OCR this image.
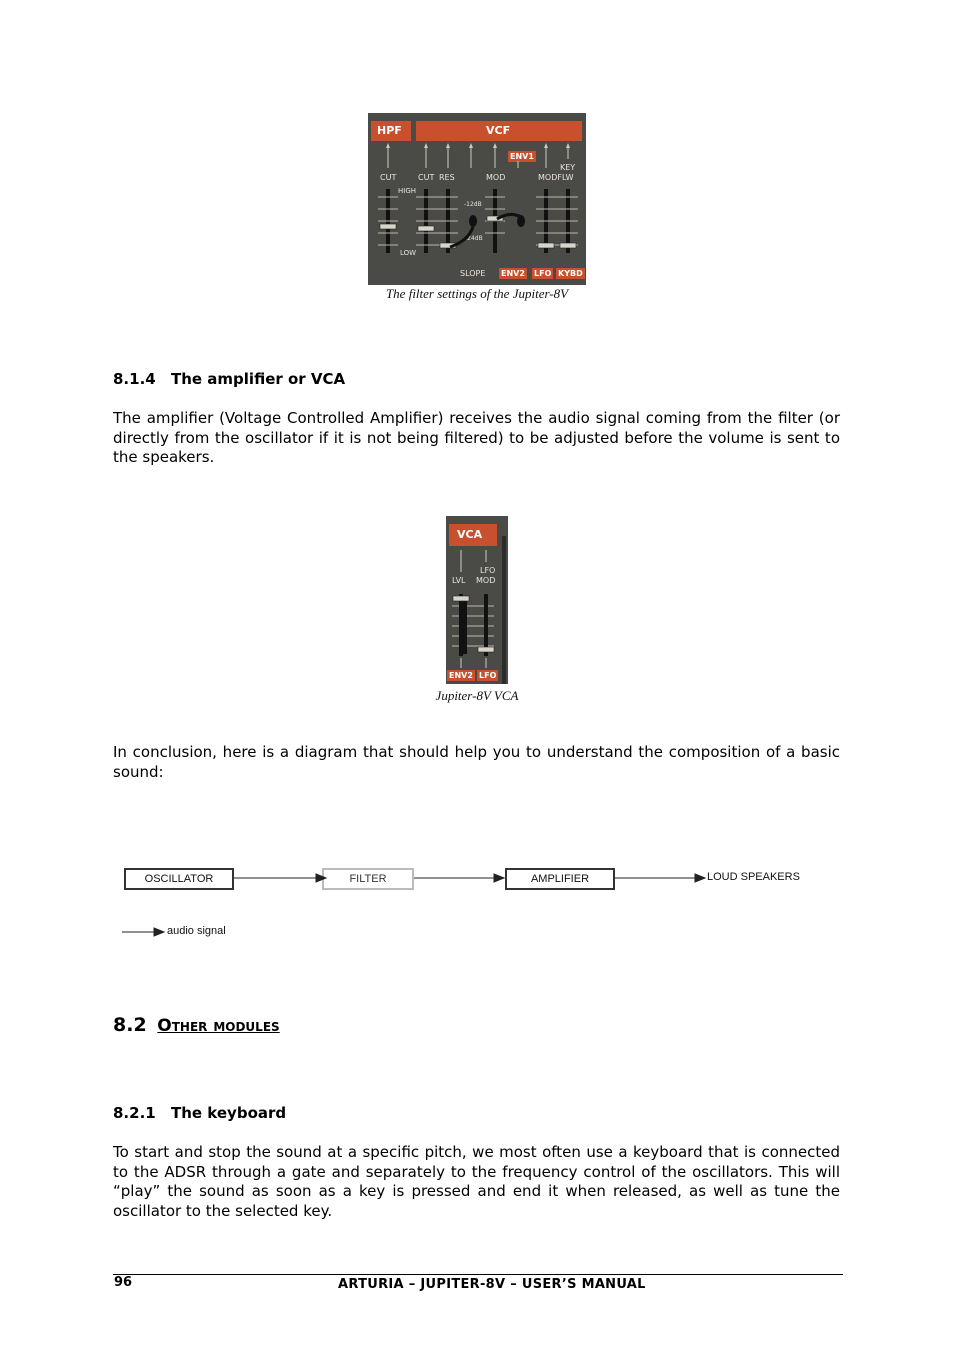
HPF	VCF
ENV1
CUT	CUT RES	MOD
KEY
MODFLW
HIGH
LOW
-12dB
-24dB
SLOPE ENV2 LFO KYBD
The filter settings of the Jupiter-8V
8.1.4 The amplifier or VCA
The amplifier (Voltage Controlled Amplifier) receives the audio signal coming from the filter (or directly from the oscillator if it is not being filtered) to be adjusted before the volume is sent to the speakers.
VCA
LFO
LVL MOD
ENV2 LFO
Jupiter-8V VCA
In conclusion, here is a diagram that should help you to understand the composition of a basic sound:
OSCILLATOR	FILTER	AMPLIFIER	LOUD SPEAKERS
audio signal
8.2 Other modules
8.2.1 The keyboard
To start and stop the sound at a specific pitch, we most often use a keyboard that is connected to the ADSR through a gate and separately to the frequency control of the oscillators. This will “play” the sound as soon as a key is pressed and end it when released, as well as tune the oscillator to the selected key.
96	ARTURIA – JUPITER-8V – USER’S MANUAL
